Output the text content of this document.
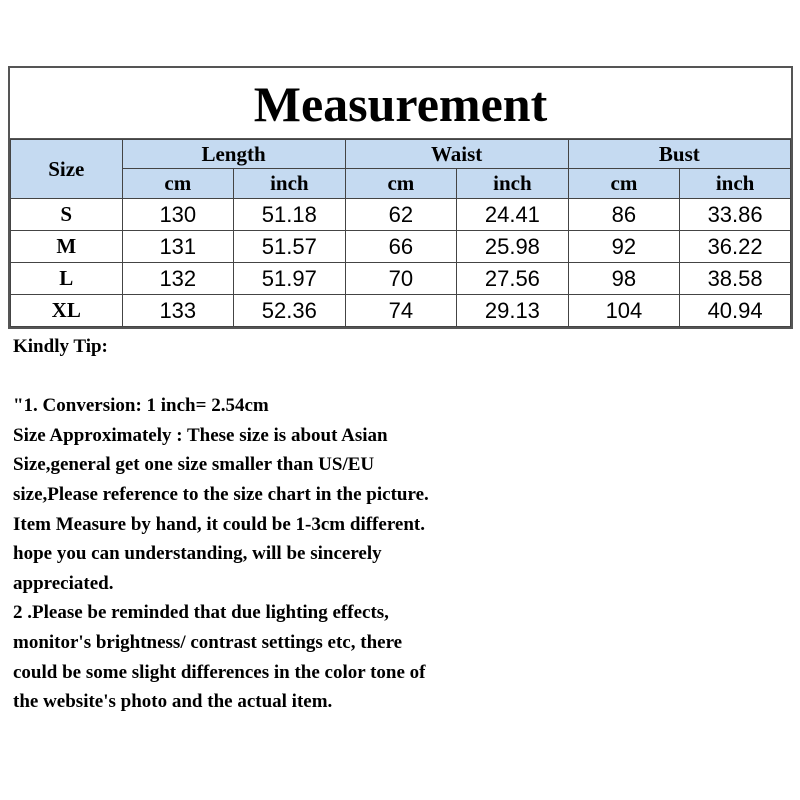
Measurement
Size	Length		Waist		Bust	
	cm	inch	cm	inch	cm	inch
S	130	51.18	62	24.41	86	33.86
M	131	51.57	66	25.98	92	36.22
L	132	51.97	70	27.56	98	38.58
XL	133	52.36	74	29.13	104	40.94
Kindly Tip:
"1. Conversion: 1 inch= 2.54cm
Size Approximately : These size is about Asian
Size,general get one size smaller than US/EU
size,Please reference to the size chart in the picture.
Item Measure by hand, it could be 1-3cm different.
hope you can understanding, will be sincerely
appreciated.
2 .Please be reminded that due lighting effects,
monitor's brightness/ contrast settings etc, there
could be some slight differences in the color tone of
the website's photo and the actual item.
